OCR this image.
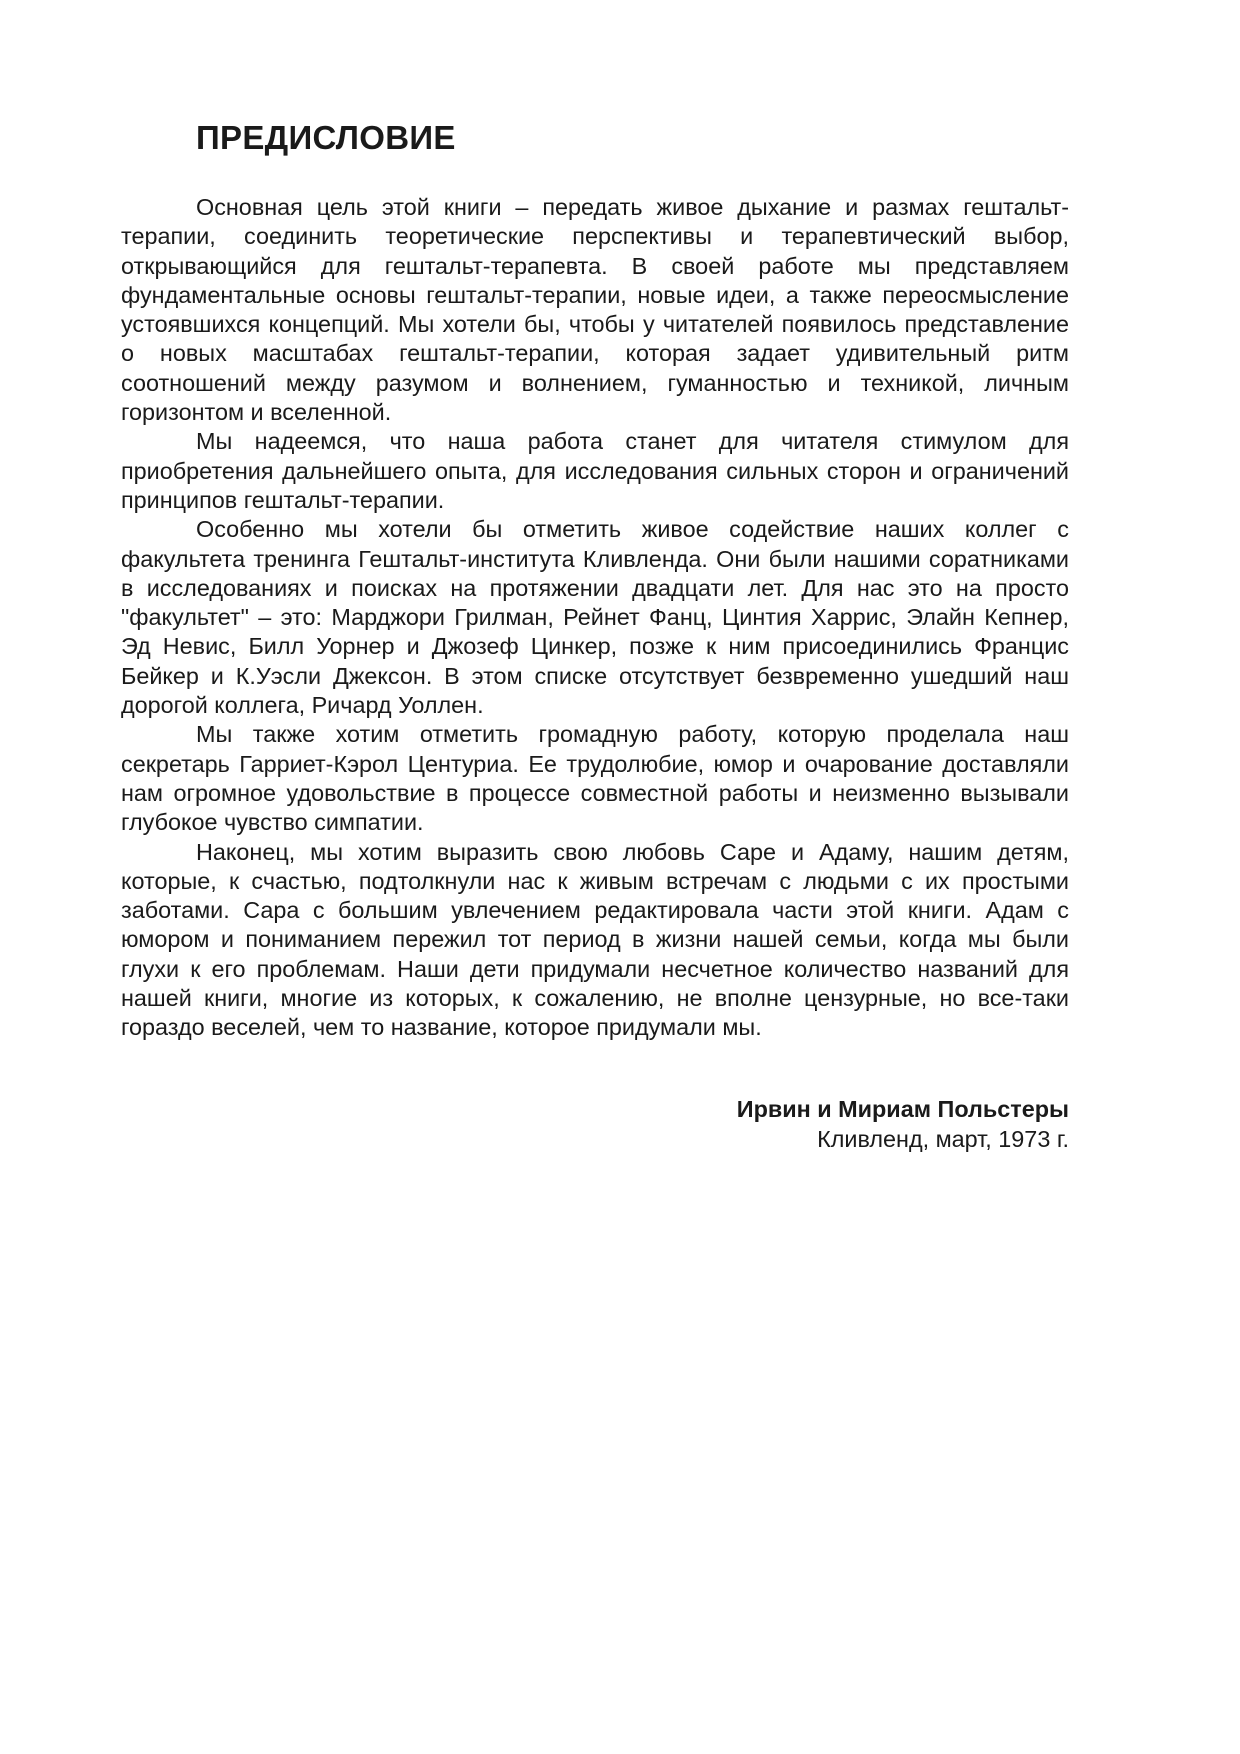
ПРЕДИСЛОВИЕ

Основная цель этой книги – передать живое дыхание и размах гештальт-терапии, соединить теоретические перспективы и терапевтический выбор, открывающийся для гештальт-терапевта. В своей работе мы представляем фундаментальные основы гештальт-терапии, новые идеи, а также переосмысление устоявшихся концепций. Мы хотели бы, чтобы у читателей появилось представление о новых масштабах гештальт-терапии, которая задает удивительный ритм соотношений между разумом и волнением, гуманностью и техникой, личным горизонтом и вселенной.

Мы надеемся, что наша работа станет для читателя стимулом для приобретения дальнейшего опыта, для исследования сильных сторон и ограничений принципов гештальт-терапии.

Особенно мы хотели бы отметить живое содействие наших коллег с факультета тренинга Гештальт-института Кливленда. Они были нашими соратниками в исследованиях и поисках на протяжении двадцати лет. Для нас это на просто "факультет" – это: Марджори Грилман, Рейнет Фанц, Цинтия Харрис, Элайн Кепнер, Эд Невис, Билл Уорнер и Джозеф Цинкер, позже к ним присоединились Францис Бейкер и К.Уэсли Джексон. В этом списке отсутствует безвременно ушедший наш дорогой коллега, Ричард Уоллен.

Мы также хотим отметить громадную работу, которую проделала наш секретарь Гарриет-Кэрол Центуриа. Ее трудолюбие, юмор и очарование доставляли нам огромное удовольствие в процессе совместной работы и неизменно вызывали глубокое чувство симпатии.

Наконец, мы хотим выразить свою любовь Саре и Адаму, нашим детям, которые, к счастью, подтолкнули нас к живым встречам с людьми с их простыми заботами. Сара с большим увлечением редактировала части этой книги. Адам с юмором и пониманием пережил тот период в жизни нашей семьи, когда мы были глухи к его проблемам. Наши дети придумали несчетное количество названий для нашей книги, многие из которых, к сожалению, не вполне цензурные, но все-таки гораздо веселей, чем то название, которое придумали мы.

Ирвин и Мириам Польстеры
Кливленд, март, 1973 г.
